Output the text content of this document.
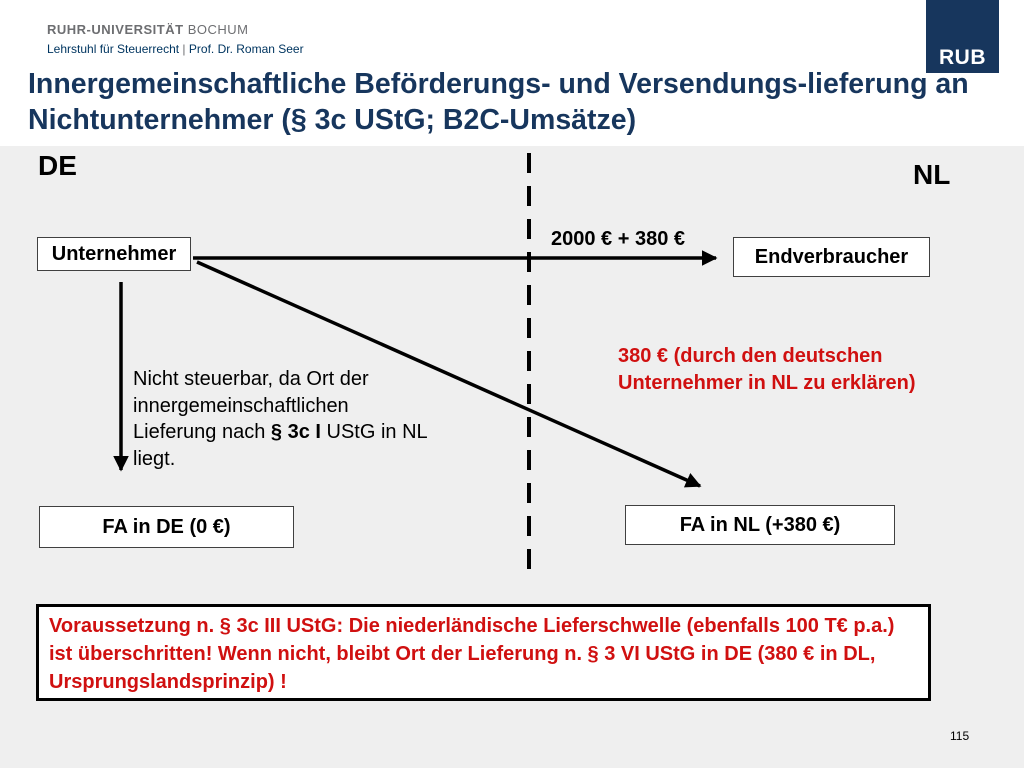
RUHR-UNIVERSITÄT BOCHUM
Lehrstuhl für Steuerrecht | Prof. Dr. Roman Seer	RUB
Innergemeinschaftliche Beförderungs- und Versendungs-lieferung an Nichtunternehmer (§ 3c UStG; B2C-Umsätze)
DE	NL
Unternehmer	Endverbraucher
FA in DE (0 €)	FA in NL (+380 €)
2000 € + 380 €
380 € (durch den deutschen Unternehmer in NL zu erklären)
Nicht steuerbar, da Ort der innergemeinschaftlichen Lieferung nach § 3c I UStG in NL liegt.
Voraussetzung n. § 3c III UStG: Die niederländische Lieferschwelle (ebenfalls 100 T€ p.a.) ist überschritten! Wenn nicht, bleibt Ort der Lieferung n. § 3 VI UStG in DE (380 € in DL, Ursprungslandsprinzip) !
115
